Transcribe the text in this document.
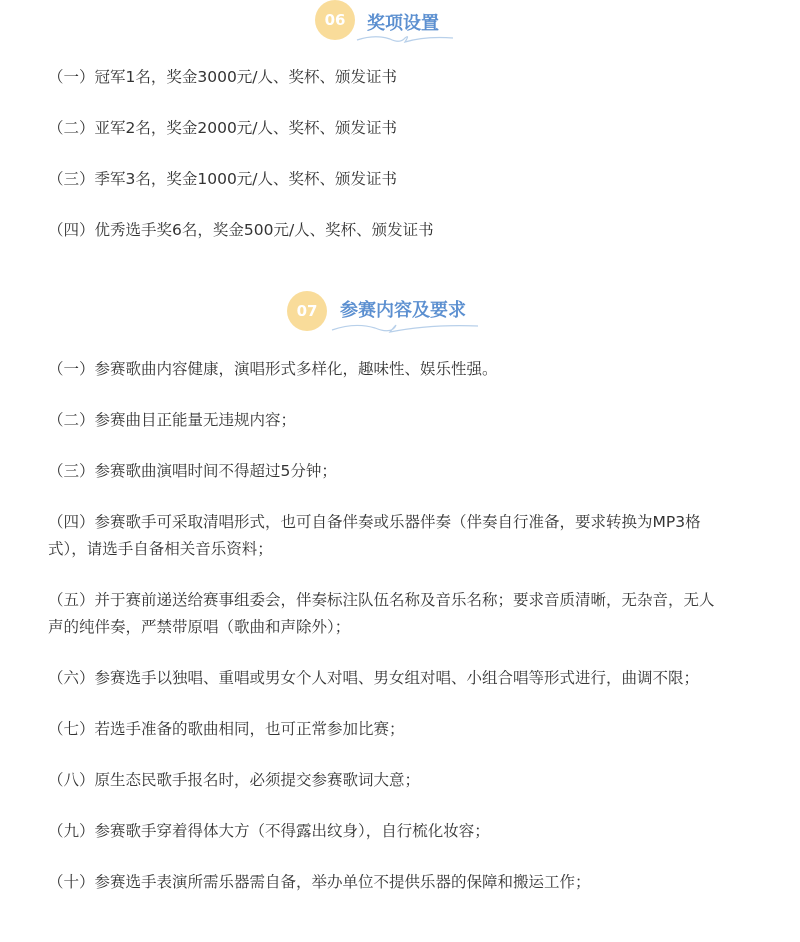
06	奖项设置

（一）冠军1名，奖金3000元/人、奖杯、颁发证书

（二）亚军2名，奖金2000元/人、奖杯、颁发证书

（三）季军3名，奖金1000元/人、奖杯、颁发证书

（四）优秀选手奖6名，奖金500元/人、奖杯、颁发证书

07	参赛内容及要求

（一）参赛歌曲内容健康，演唱形式多样化，趣味性、娱乐性强。

（二）参赛曲目正能量无违规内容；

（三）参赛歌曲演唱时间不得超过5分钟；

（四）参赛歌手可采取清唱形式，也可自备伴奏或乐器伴奏（伴奏自行准备，要求转换为MP3格式），请选手自备相关音乐资料；

（五）并于赛前递送给赛事组委会，伴奏标注队伍名称及音乐名称；要求音质清晰，无杂音，无人声的纯伴奏，严禁带原唱（歌曲和声除外）；

（六）参赛选手以独唱、重唱或男女个人对唱、男女组对唱、小组合唱等形式进行，曲调不限；

（七）若选手准备的歌曲相同，也可正常参加比赛；

（八）原生态民歌手报名时，必须提交参赛歌词大意；

（九）参赛歌手穿着得体大方（不得露出纹身），自行梳化妆容；

（十）参赛选手表演所需乐器需自备，举办单位不提供乐器的保障和搬运工作；
